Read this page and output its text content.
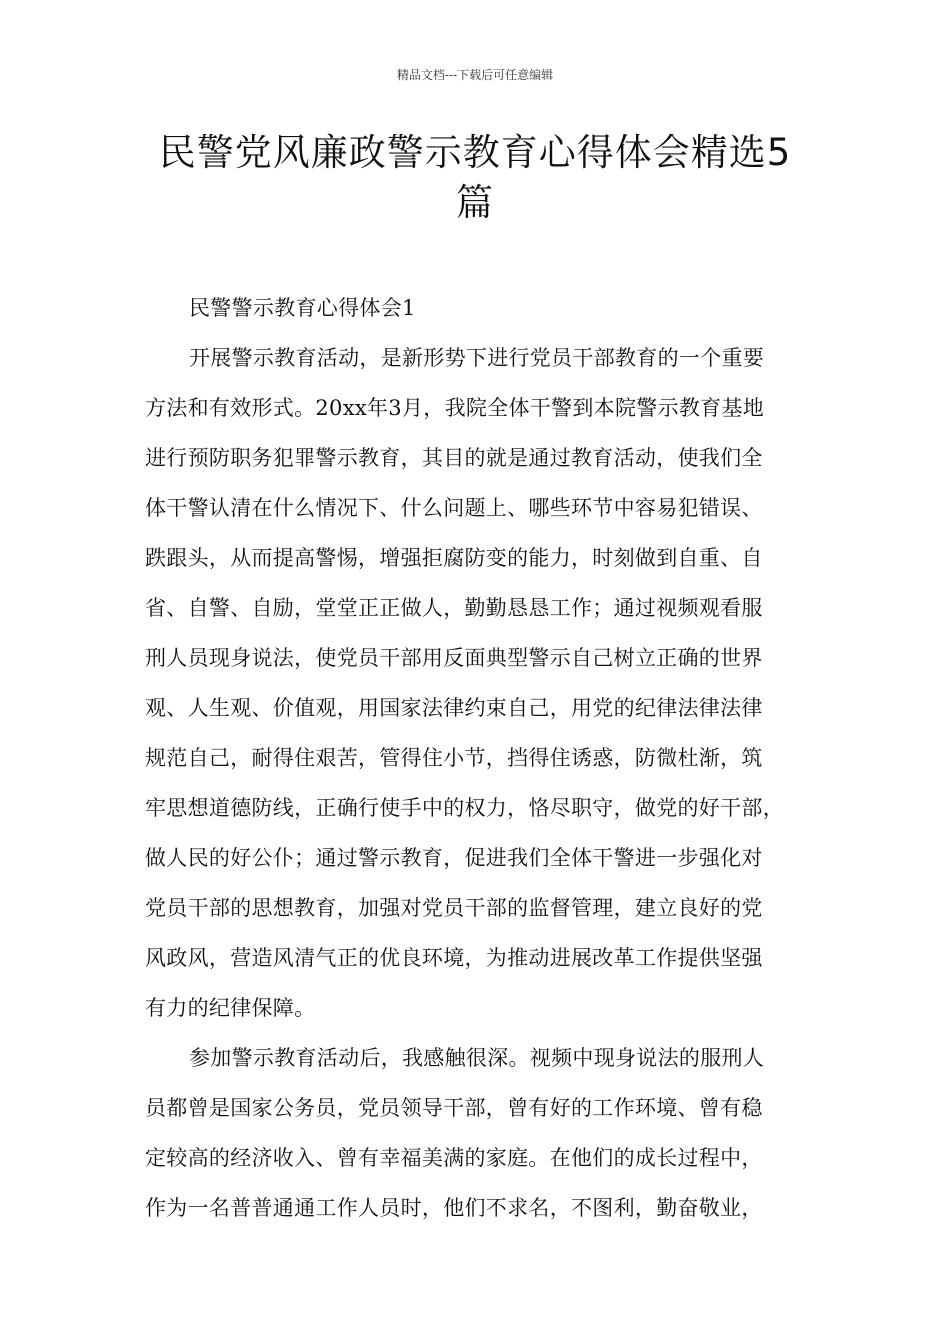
精品文档---下载后可任意编辑
民警党风廉政警示教育心得体会精选5篇

民警警示教育心得体会1

开展警示教育活动，是新形势下进行党员干部教育的一个重要
方法和有效形式。20xx年3月，我院全体干警到本院警示教育基地
进行预防职务犯罪警示教育，其目的就是通过教育活动，使我们全
体干警认清在什么情况下、什么问题上、哪些环节中容易犯错误、
跌跟头，从而提高警惕，增强拒腐防变的能力，时刻做到自重、自
省、自警、自励，堂堂正正做人，勤勤恳恳工作；通过视频观看服
刑人员现身说法，使党员干部用反面典型警示自己树立正确的世界
观、人生观、价值观，用国家法律约束自己，用党的纪律法律法律
规范自己，耐得住艰苦，管得住小节，挡得住诱惑，防微杜渐，筑
牢思想道德防线，正确行使手中的权力，恪尽职守，做党的好干部，
做人民的好公仆；通过警示教育，促进我们全体干警进一步强化对
党员干部的思想教育，加强对党员干部的监督管理，建立良好的党
风政风，营造风清气正的优良环境，为推动进展改革工作提供坚强
有力的纪律保障。

参加警示教育活动后，我感触很深。视频中现身说法的服刑人
员都曾是国家公务员，党员领导干部，曾有好的工作环境、曾有稳
定较高的经济收入、曾有幸福美满的家庭。在他们的成长过程中，
作为一名普普通通工作人员时，他们不求名，不图利，勤奋敬业，
